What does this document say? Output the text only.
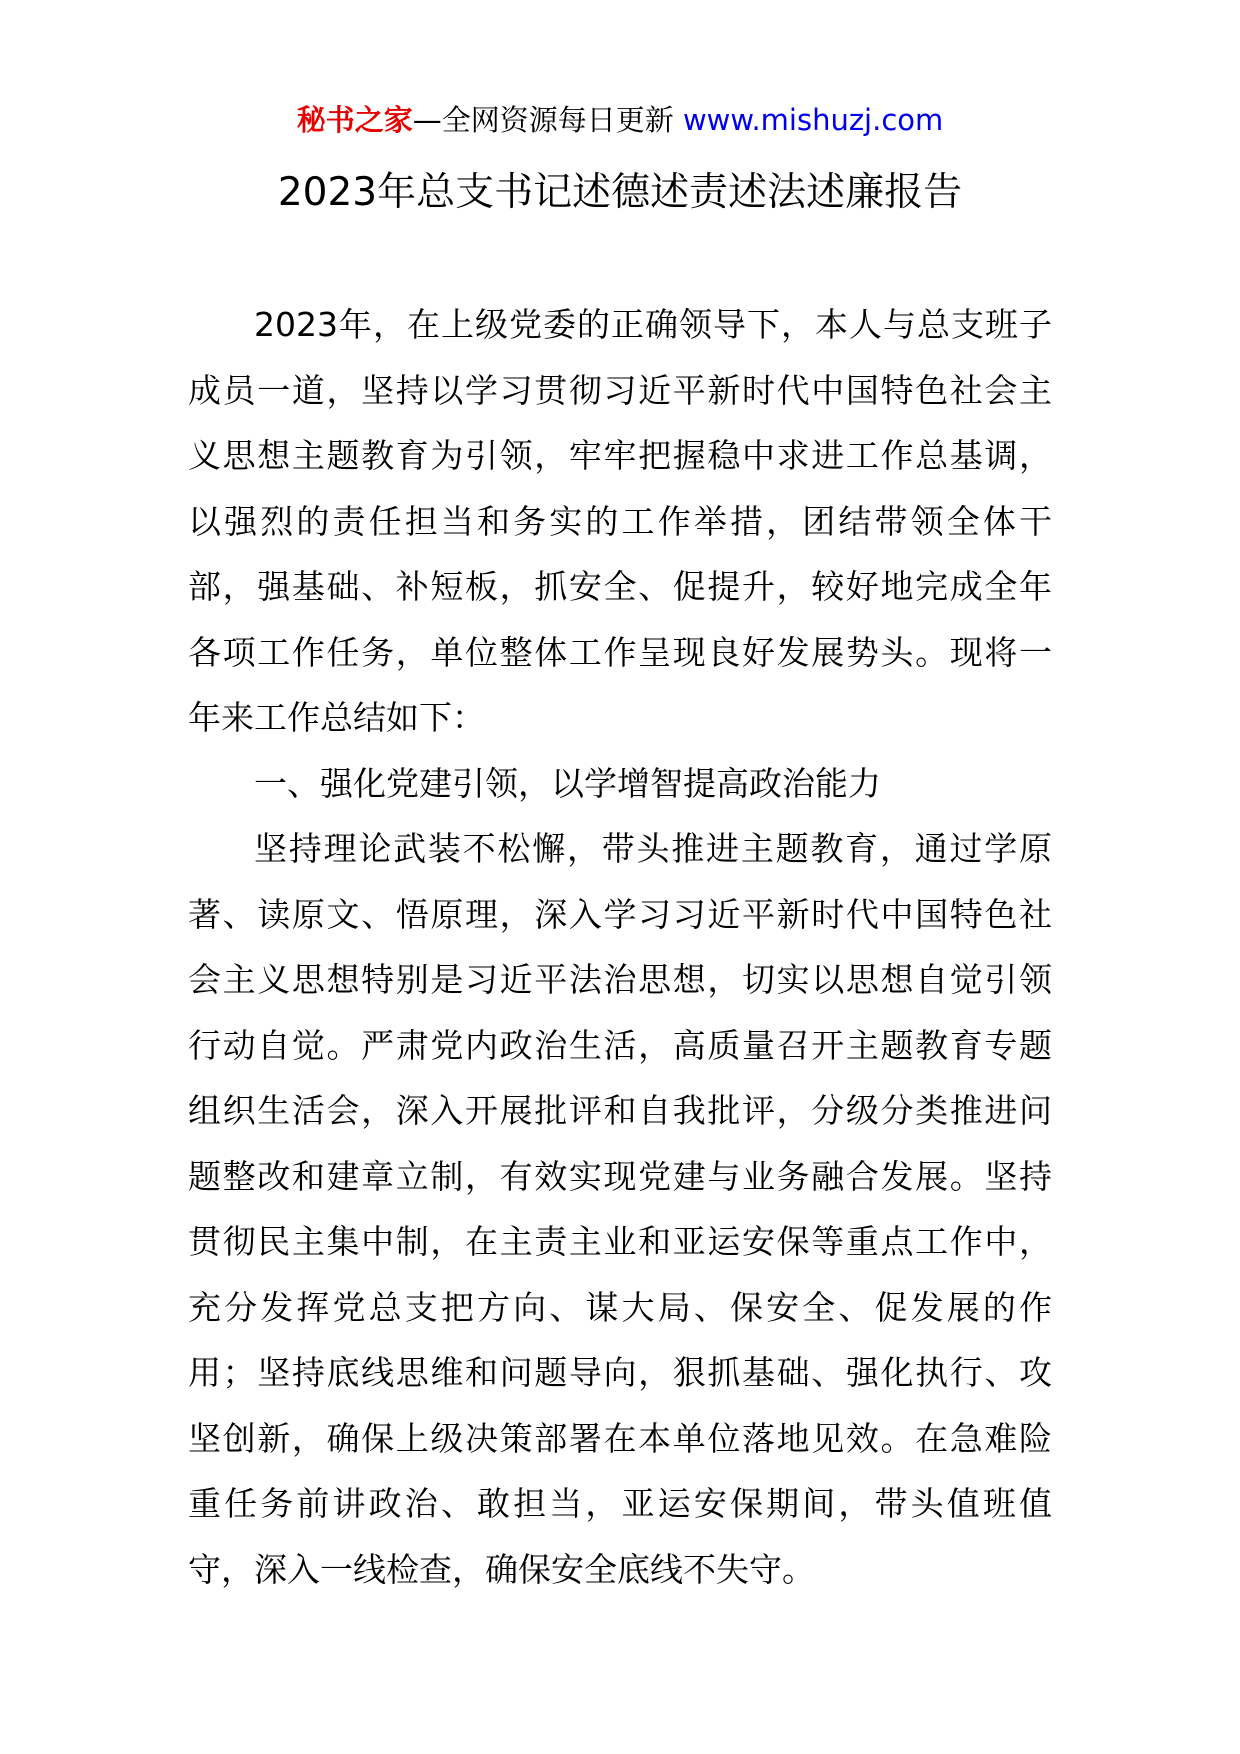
秘书之家—全网资源每日更新 www.mishuzj.com
2023年总支书记述德述责述法述廉报告
2023年，在上级党委的正确领导下，本人与总支班子
成员一道，坚持以学习贯彻习近平新时代中国特色社会主
义思想主题教育为引领，牢牢把握稳中求进工作总基调，
以强烈的责任担当和务实的工作举措，团结带领全体干
部，强基础、补短板，抓安全、促提升，较好地完成全年
各项工作任务，单位整体工作呈现良好发展势头。现将一
年来工作总结如下：
一、强化党建引领，以学增智提高政治能力
坚持理论武装不松懈，带头推进主题教育，通过学原
著、读原文、悟原理，深入学习习近平新时代中国特色社
会主义思想特别是习近平法治思想，切实以思想自觉引领
行动自觉。严肃党内政治生活，高质量召开主题教育专题
组织生活会，深入开展批评和自我批评，分级分类推进问
题整改和建章立制，有效实现党建与业务融合发展。坚持
贯彻民主集中制，在主责主业和亚运安保等重点工作中，
充分发挥党总支把方向、谋大局、保安全、促发展的作
用；坚持底线思维和问题导向，狠抓基础、强化执行、攻
坚创新，确保上级决策部署在本单位落地见效。在急难险
重任务前讲政治、敢担当，亚运安保期间，带头值班值
守，深入一线检查，确保安全底线不失守。
